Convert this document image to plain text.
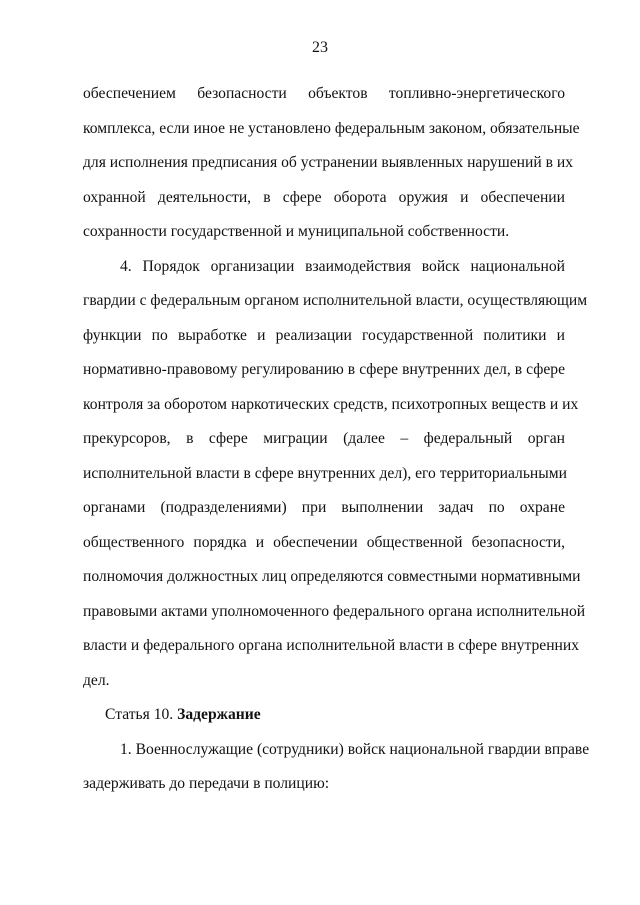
23

обеспечением безопасности объектов топливно-энергетического
комплекса, если иное не установлено федеральным законом, обязательные
для исполнения предписания об устранении выявленных нарушений в их
охранной деятельности, в сфере оборота оружия и обеспечении
сохранности государственной и муниципальной собственности.

4. Порядок организации взаимодействия войск национальной
гвардии с федеральным органом исполнительной власти, осуществляющим
функции по выработке и реализации государственной политики и
нормативно-правовому регулированию в сфере внутренних дел, в сфере
контроля за оборотом наркотических средств, психотропных веществ и их
прекурсоров, в сфере миграции (далее – федеральный орган
исполнительной власти в сфере внутренних дел), его территориальными
органами (подразделениями) при выполнении задач по охране
общественного порядка и обеспечении общественной безопасности,
полномочия должностных лиц определяются совместными нормативными
правовыми актами уполномоченного федерального органа исполнительной
власти и федерального органа исполнительной власти в сфере внутренних
дел.

Статья 10. Задержание

1. Военнослужащие (сотрудники) войск национальной гвардии вправе
задерживать до передачи в полицию:
